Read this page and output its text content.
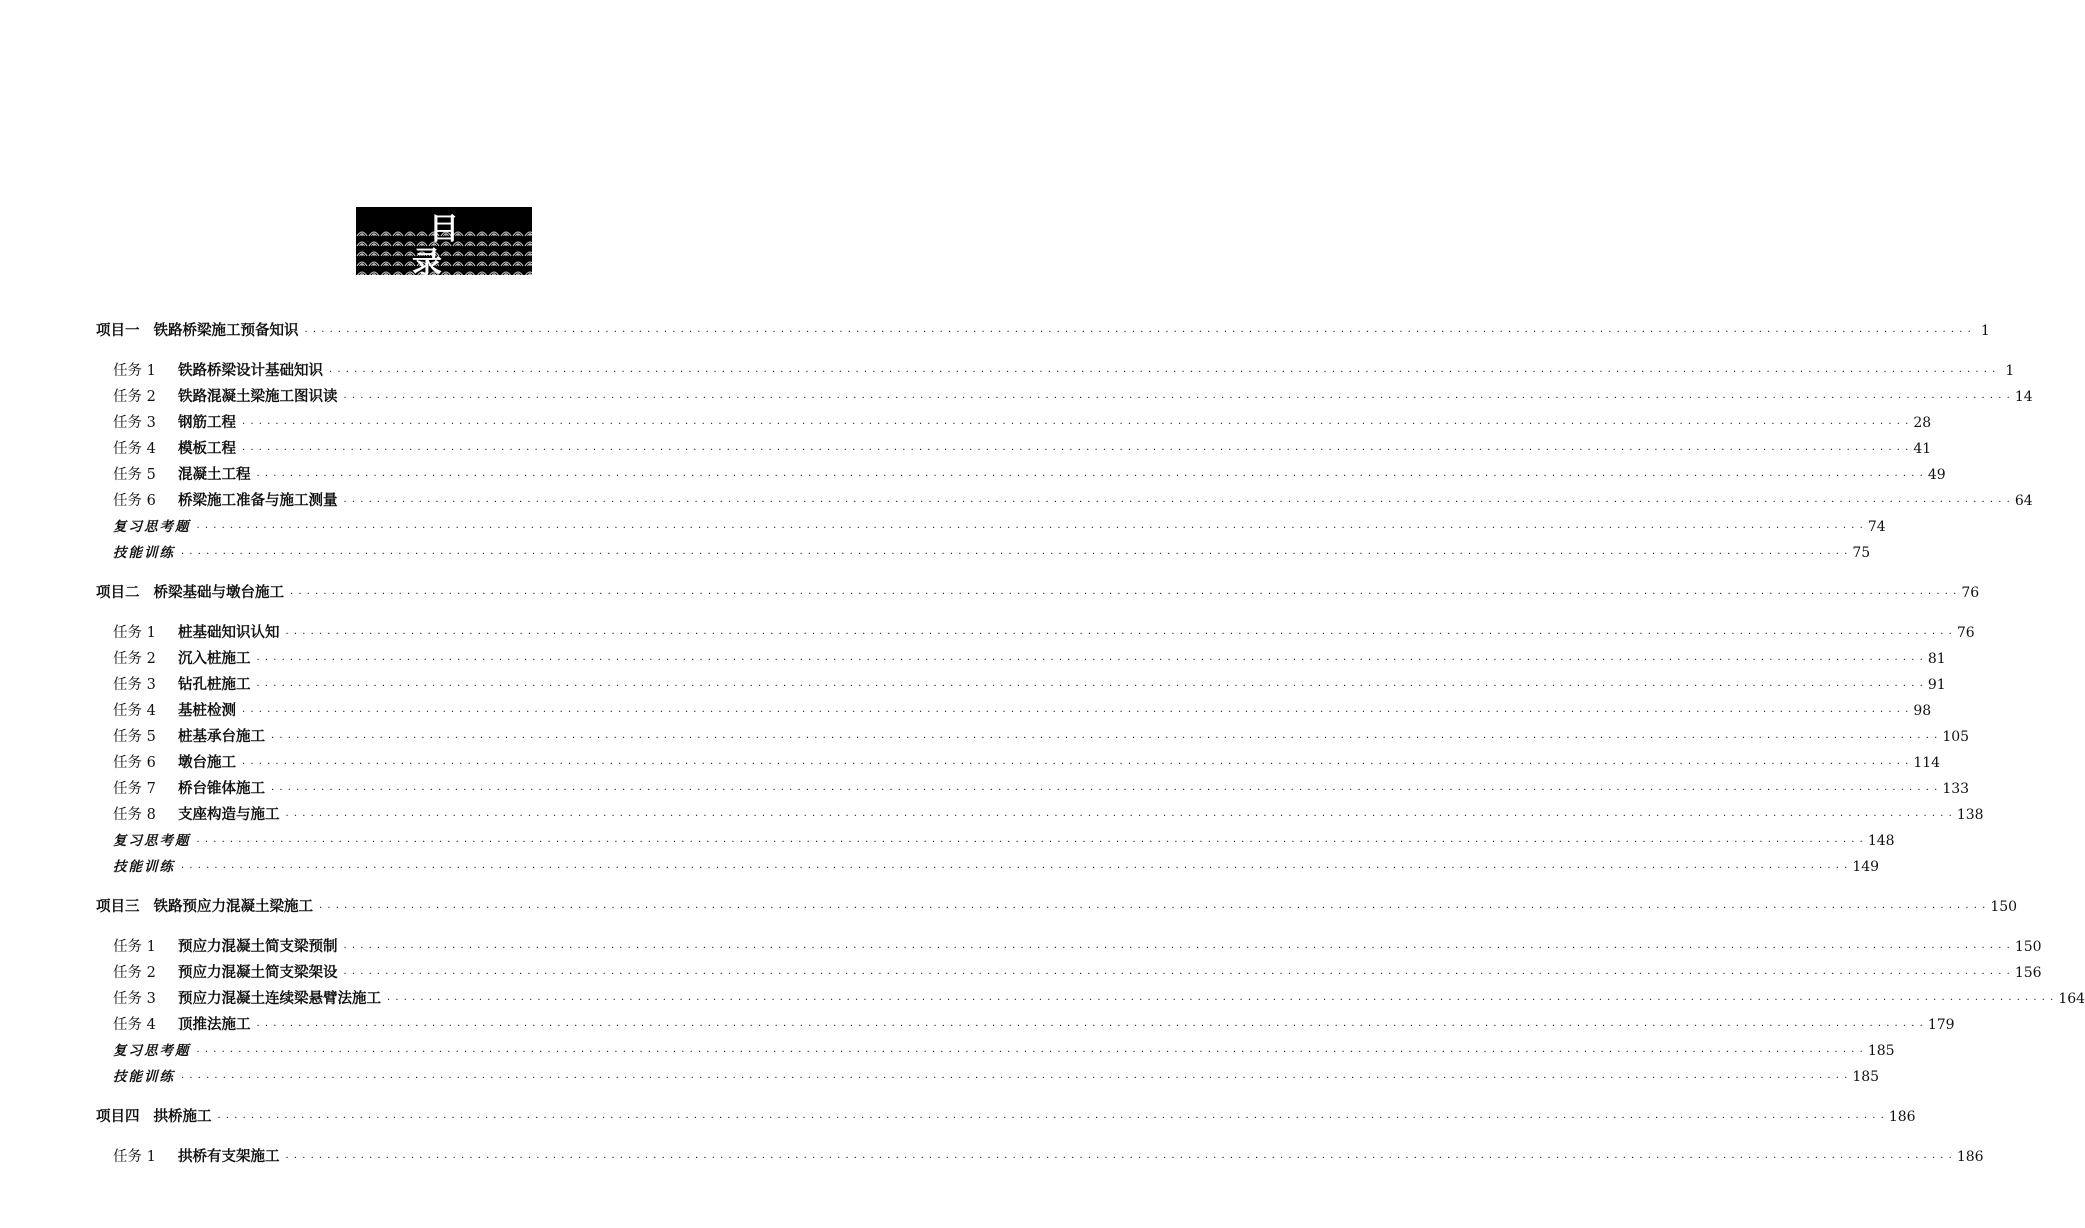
目 录
项目一 铁路桥梁施工预备知识 · · · · · · · · · · · · · · · · · · · · · · · · · · · · · · · · · · · · · · · · · · · · · · · · · · · · · · · · · · · · · · · · · · · · · · · · · · · · · · · · · · · · · · · · · · · · · · · · · · · · · · · · · · · · · · · · · · · · · · · · · · · · · · · · · · · · · · · · · · · · · · · · · · · · · · · · · · · · · · · · · · · · · · · · · · · · · · · · · · · · · · · · · · · · · · · · · · · · · · · · 1
任务 1	铁路桥梁设计基础知识 · · · · · · · · · · · · · · · · · · · · · · · · · · · · · · · · · · · · · · · · · · · · · · · · · · · · · · · · · · · · · · · · · · · · · · · · · · · · · · · · · · · · · · · · · · · · · · · · · · · · · · · · · · · · · · · · · · · · · · · · · · · · · · · · · · · · · · · · · · · · · · · · · · · · · · · · · · · · · · · · · · · · · · · · · · · · · · · · · · · · · · · · · · · · · · · · · · · · · · · · 1
任务 2	铁路混凝土梁施工图识读 · · · · · · · · · · · · · · · · · · · · · · · · · · · · · · · · · · · · · · · · · · · · · · · · · · · · · · · · · · · · · · · · · · · · · · · · · · · · · · · · · · · · · · · · · · · · · · · · · · · · · · · · · · · · · · · · · · · · · · · · · · · · · · · · · · · · · · · · · · · · · · · · · · · · · · · · · · · · · · · · · · · · · · · · · · · · · · · · · · · · · · · · · · · · · · · · · · · · · · · · 14
任务 3	钢筋工程 · · · · · · · · · · · · · · · · · · · · · · · · · · · · · · · · · · · · · · · · · · · · · · · · · · · · · · · · · · · · · · · · · · · · · · · · · · · · · · · · · · · · · · · · · · · · · · · · · · · · · · · · · · · · · · · · · · · · · · · · · · · · · · · · · · · · · · · · · · · · · · · · · · · · · · · · · · · · · · · · · · · · · · · · · · · · · · · · · · · · · · · · · · · · · · · · · · · · · · · · 28
任务 4	模板工程 · · · · · · · · · · · · · · · · · · · · · · · · · · · · · · · · · · · · · · · · · · · · · · · · · · · · · · · · · · · · · · · · · · · · · · · · · · · · · · · · · · · · · · · · · · · · · · · · · · · · · · · · · · · · · · · · · · · · · · · · · · · · · · · · · · · · · · · · · · · · · · · · · · · · · · · · · · · · · · · · · · · · · · · · · · · · · · · · · · · · · · · · · · · · · · · · · · · · · · · · 41
任务 5	混凝土工程 · · · · · · · · · · · · · · · · · · · · · · · · · · · · · · · · · · · · · · · · · · · · · · · · · · · · · · · · · · · · · · · · · · · · · · · · · · · · · · · · · · · · · · · · · · · · · · · · · · · · · · · · · · · · · · · · · · · · · · · · · · · · · · · · · · · · · · · · · · · · · · · · · · · · · · · · · · · · · · · · · · · · · · · · · · · · · · · · · · · · · · · · · · · · · · · · · · · · · · · · 49
任务 6	桥梁施工准备与施工测量 · · · · · · · · · · · · · · · · · · · · · · · · · · · · · · · · · · · · · · · · · · · · · · · · · · · · · · · · · · · · · · · · · · · · · · · · · · · · · · · · · · · · · · · · · · · · · · · · · · · · · · · · · · · · · · · · · · · · · · · · · · · · · · · · · · · · · · · · · · · · · · · · · · · · · · · · · · · · · · · · · · · · · · · · · · · · · · · · · · · · · · · · · · · · · · · · · · · · · · · · 64
复习思考题 · · · · · · · · · · · · · · · · · · · · · · · · · · · · · · · · · · · · · · · · · · · · · · · · · · · · · · · · · · · · · · · · · · · · · · · · · · · · · · · · · · · · · · · · · · · · · · · · · · · · · · · · · · · · · · · · · · · · · · · · · · · · · · · · · · · · · · · · · · · · · · · · · · · · · · · · · · · · · · · · · · · · · · · · · · · · · · · · · · · · · · · · · · · · · · · · · · · · · · · · 74
技能训练 · · · · · · · · · · · · · · · · · · · · · · · · · · · · · · · · · · · · · · · · · · · · · · · · · · · · · · · · · · · · · · · · · · · · · · · · · · · · · · · · · · · · · · · · · · · · · · · · · · · · · · · · · · · · · · · · · · · · · · · · · · · · · · · · · · · · · · · · · · · · · · · · · · · · · · · · · · · · · · · · · · · · · · · · · · · · · · · · · · · · · · · · · · · · · · · · · · · · · · · · 75
项目二 桥梁基础与墩台施工 · · · · · · · · · · · · · · · · · · · · · · · · · · · · · · · · · · · · · · · · · · · · · · · · · · · · · · · · · · · · · · · · · · · · · · · · · · · · · · · · · · · · · · · · · · · · · · · · · · · · · · · · · · · · · · · · · · · · · · · · · · · · · · · · · · · · · · · · · · · · · · · · · · · · · · · · · · · · · · · · · · · · · · · · · · · · · · · · · · · · · · · · · · · · · · · · · · · · · · · · 76
任务 1	桩基础知识认知 · · · · · · · · · · · · · · · · · · · · · · · · · · · · · · · · · · · · · · · · · · · · · · · · · · · · · · · · · · · · · · · · · · · · · · · · · · · · · · · · · · · · · · · · · · · · · · · · · · · · · · · · · · · · · · · · · · · · · · · · · · · · · · · · · · · · · · · · · · · · · · · · · · · · · · · · · · · · · · · · · · · · · · · · · · · · · · · · · · · · · · · · · · · · · · · · · · · · · · · · 76
任务 2	沉入桩施工 · · · · · · · · · · · · · · · · · · · · · · · · · · · · · · · · · · · · · · · · · · · · · · · · · · · · · · · · · · · · · · · · · · · · · · · · · · · · · · · · · · · · · · · · · · · · · · · · · · · · · · · · · · · · · · · · · · · · · · · · · · · · · · · · · · · · · · · · · · · · · · · · · · · · · · · · · · · · · · · · · · · · · · · · · · · · · · · · · · · · · · · · · · · · · · · · · · · · · · · · 81
任务 3	钻孔桩施工 · · · · · · · · · · · · · · · · · · · · · · · · · · · · · · · · · · · · · · · · · · · · · · · · · · · · · · · · · · · · · · · · · · · · · · · · · · · · · · · · · · · · · · · · · · · · · · · · · · · · · · · · · · · · · · · · · · · · · · · · · · · · · · · · · · · · · · · · · · · · · · · · · · · · · · · · · · · · · · · · · · · · · · · · · · · · · · · · · · · · · · · · · · · · · · · · · · · · · · · · 91
任务 4	基桩检测 · · · · · · · · · · · · · · · · · · · · · · · · · · · · · · · · · · · · · · · · · · · · · · · · · · · · · · · · · · · · · · · · · · · · · · · · · · · · · · · · · · · · · · · · · · · · · · · · · · · · · · · · · · · · · · · · · · · · · · · · · · · · · · · · · · · · · · · · · · · · · · · · · · · · · · · · · · · · · · · · · · · · · · · · · · · · · · · · · · · · · · · · · · · · · · · · · · · · · · · · 98
任务 5	桩基承台施工 · · · · · · · · · · · · · · · · · · · · · · · · · · · · · · · · · · · · · · · · · · · · · · · · · · · · · · · · · · · · · · · · · · · · · · · · · · · · · · · · · · · · · · · · · · · · · · · · · · · · · · · · · · · · · · · · · · · · · · · · · · · · · · · · · · · · · · · · · · · · · · · · · · · · · · · · · · · · · · · · · · · · · · · · · · · · · · · · · · · · · · · · · · · · · · · · · · · · · · · · 105
任务 6	墩台施工 · · · · · · · · · · · · · · · · · · · · · · · · · · · · · · · · · · · · · · · · · · · · · · · · · · · · · · · · · · · · · · · · · · · · · · · · · · · · · · · · · · · · · · · · · · · · · · · · · · · · · · · · · · · · · · · · · · · · · · · · · · · · · · · · · · · · · · · · · · · · · · · · · · · · · · · · · · · · · · · · · · · · · · · · · · · · · · · · · · · · · · · · · · · · · · · · · · · · · · · · 114
任务 7	桥台锥体施工 · · · · · · · · · · · · · · · · · · · · · · · · · · · · · · · · · · · · · · · · · · · · · · · · · · · · · · · · · · · · · · · · · · · · · · · · · · · · · · · · · · · · · · · · · · · · · · · · · · · · · · · · · · · · · · · · · · · · · · · · · · · · · · · · · · · · · · · · · · · · · · · · · · · · · · · · · · · · · · · · · · · · · · · · · · · · · · · · · · · · · · · · · · · · · · · · · · · · · · · · 133
任务 8	支座构造与施工 · · · · · · · · · · · · · · · · · · · · · · · · · · · · · · · · · · · · · · · · · · · · · · · · · · · · · · · · · · · · · · · · · · · · · · · · · · · · · · · · · · · · · · · · · · · · · · · · · · · · · · · · · · · · · · · · · · · · · · · · · · · · · · · · · · · · · · · · · · · · · · · · · · · · · · · · · · · · · · · · · · · · · · · · · · · · · · · · · · · · · · · · · · · · · · · · · · · · · · · · 138
复习思考题 · · · · · · · · · · · · · · · · · · · · · · · · · · · · · · · · · · · · · · · · · · · · · · · · · · · · · · · · · · · · · · · · · · · · · · · · · · · · · · · · · · · · · · · · · · · · · · · · · · · · · · · · · · · · · · · · · · · · · · · · · · · · · · · · · · · · · · · · · · · · · · · · · · · · · · · · · · · · · · · · · · · · · · · · · · · · · · · · · · · · · · · · · · · · · · · · · · · · · · · · 148
技能训练 · · · · · · · · · · · · · · · · · · · · · · · · · · · · · · · · · · · · · · · · · · · · · · · · · · · · · · · · · · · · · · · · · · · · · · · · · · · · · · · · · · · · · · · · · · · · · · · · · · · · · · · · · · · · · · · · · · · · · · · · · · · · · · · · · · · · · · · · · · · · · · · · · · · · · · · · · · · · · · · · · · · · · · · · · · · · · · · · · · · · · · · · · · · · · · · · · · · · · · · · 149
项目三 铁路预应力混凝土梁施工 · · · · · · · · · · · · · · · · · · · · · · · · · · · · · · · · · · · · · · · · · · · · · · · · · · · · · · · · · · · · · · · · · · · · · · · · · · · · · · · · · · · · · · · · · · · · · · · · · · · · · · · · · · · · · · · · · · · · · · · · · · · · · · · · · · · · · · · · · · · · · · · · · · · · · · · · · · · · · · · · · · · · · · · · · · · · · · · · · · · · · · · · · · · · · · · · · · · · · · · · 150
任务 1	预应力混凝土简支梁预制 · · · · · · · · · · · · · · · · · · · · · · · · · · · · · · · · · · · · · · · · · · · · · · · · · · · · · · · · · · · · · · · · · · · · · · · · · · · · · · · · · · · · · · · · · · · · · · · · · · · · · · · · · · · · · · · · · · · · · · · · · · · · · · · · · · · · · · · · · · · · · · · · · · · · · · · · · · · · · · · · · · · · · · · · · · · · · · · · · · · · · · · · · · · · · · · · · · · · · · · · 150
任务 2	预应力混凝土简支梁架设 · · · · · · · · · · · · · · · · · · · · · · · · · · · · · · · · · · · · · · · · · · · · · · · · · · · · · · · · · · · · · · · · · · · · · · · · · · · · · · · · · · · · · · · · · · · · · · · · · · · · · · · · · · · · · · · · · · · · · · · · · · · · · · · · · · · · · · · · · · · · · · · · · · · · · · · · · · · · · · · · · · · · · · · · · · · · · · · · · · · · · · · · · · · · · · · · · · · · · · · · 156
任务 3	预应力混凝土连续梁悬臂法施工 · · · · · · · · · · · · · · · · · · · · · · · · · · · · · · · · · · · · · · · · · · · · · · · · · · · · · · · · · · · · · · · · · · · · · · · · · · · · · · · · · · · · · · · · · · · · · · · · · · · · · · · · · · · · · · · · · · · · · · · · · · · · · · · · · · · · · · · · · · · · · · · · · · · · · · · · · · · · · · · · · · · · · · · · · · · · · · · · · · · · · · · · · · · · · · · · · · · · · · · · 164
任务 4	顶推法施工 · · · · · · · · · · · · · · · · · · · · · · · · · · · · · · · · · · · · · · · · · · · · · · · · · · · · · · · · · · · · · · · · · · · · · · · · · · · · · · · · · · · · · · · · · · · · · · · · · · · · · · · · · · · · · · · · · · · · · · · · · · · · · · · · · · · · · · · · · · · · · · · · · · · · · · · · · · · · · · · · · · · · · · · · · · · · · · · · · · · · · · · · · · · · · · · · · · · · · · · · 179
复习思考题 · · · · · · · · · · · · · · · · · · · · · · · · · · · · · · · · · · · · · · · · · · · · · · · · · · · · · · · · · · · · · · · · · · · · · · · · · · · · · · · · · · · · · · · · · · · · · · · · · · · · · · · · · · · · · · · · · · · · · · · · · · · · · · · · · · · · · · · · · · · · · · · · · · · · · · · · · · · · · · · · · · · · · · · · · · · · · · · · · · · · · · · · · · · · · · · · · · · · · · · · 185
技能训练 · · · · · · · · · · · · · · · · · · · · · · · · · · · · · · · · · · · · · · · · · · · · · · · · · · · · · · · · · · · · · · · · · · · · · · · · · · · · · · · · · · · · · · · · · · · · · · · · · · · · · · · · · · · · · · · · · · · · · · · · · · · · · · · · · · · · · · · · · · · · · · · · · · · · · · · · · · · · · · · · · · · · · · · · · · · · · · · · · · · · · · · · · · · · · · · · · · · · · · · · 185
项目四 拱桥施工 · · · · · · · · · · · · · · · · · · · · · · · · · · · · · · · · · · · · · · · · · · · · · · · · · · · · · · · · · · · · · · · · · · · · · · · · · · · · · · · · · · · · · · · · · · · · · · · · · · · · · · · · · · · · · · · · · · · · · · · · · · · · · · · · · · · · · · · · · · · · · · · · · · · · · · · · · · · · · · · · · · · · · · · · · · · · · · · · · · · · · · · · · · · · · · · · · · · · · · · · 186
任务 1	拱桥有支架施工 · · · · · · · · · · · · · · · · · · · · · · · · · · · · · · · · · · · · · · · · · · · · · · · · · · · · · · · · · · · · · · · · · · · · · · · · · · · · · · · · · · · · · · · · · · · · · · · · · · · · · · · · · · · · · · · · · · · · · · · · · · · · · · · · · · · · · · · · · · · · · · · · · · · · · · · · · · · · · · · · · · · · · · · · · · · · · · · · · · · · · · · · · · · · · · · · · · · · · · · · 186
